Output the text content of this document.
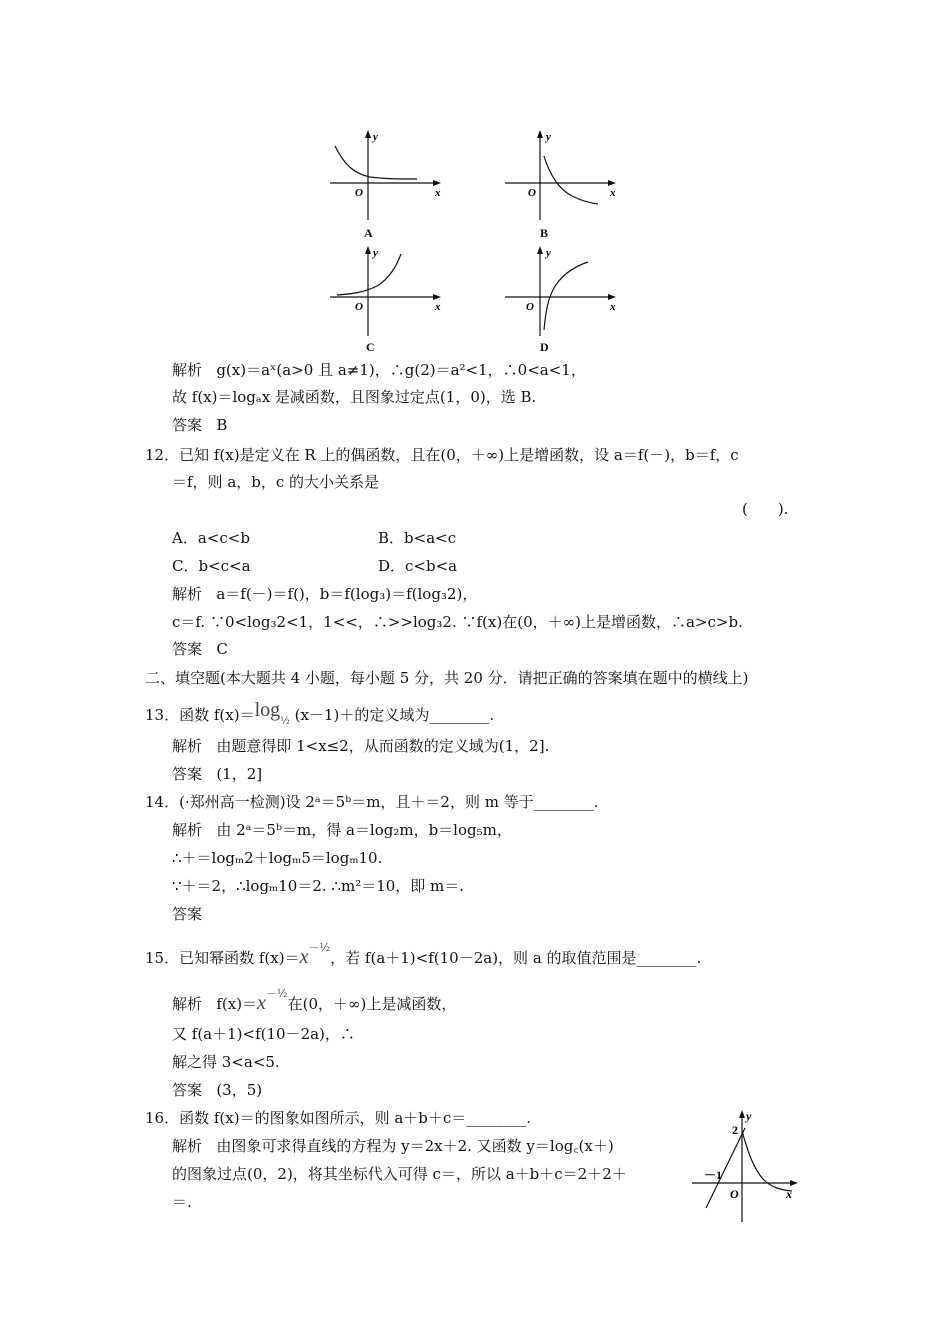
y
x
O
A
y
x
O
B
y
x
O
C
y
x
O
D
解析 g(x)＝aˣ(a>0 且 a≠1)，∴g(2)＝a²<1，∴0<a<1，
故 f(x)＝logₐx 是减函数，且图象过定点(1，0)，选 B.
答案 B
12．已知 f(x)是定义在 R 上的偶函数，且在(0，＋∞)上是增函数，设 a＝f(－)，b＝f，c
＝f，则 a，b，c 的大小关系是
(　　).
A．a<c<b	B．b<a<c
C．b<c<a	D．c<b<a
解析 a＝f(－)＝f()，b＝f(log₃)＝f(log₃2)，
c＝f. ∵0<log₃2<1，1<<，∴>>log₃2. ∵f(x)在(0，＋∞)上是增函数，∴a>c>b.
答案 C
二、填空题(本大题共 4 小题，每小题 5 分，共 20 分．请把正确的答案填在题中的横线上)
13．函数 $f(x)=\log_{\frac{1}{2}}$ (x－1)＋的定义域为________.
解析 由题意得即 1<x≤2，从而函数的定义域为(1，2].
答案 (1，2]
14．(·郑州高一检测)设 2ᵃ＝5ᵇ＝m，且＋＝2，则 m 等于________.
解析 由 2ᵃ＝5ᵇ＝m，得 a＝log₂m，b＝log₅m，
∴＋＝logₘ2＋logₘ5＝logₘ10.
∵＋＝2，∴logₘ10＝2. ∴m²＝10，即 m＝.
答案
15．已知幂函数 $f(x)=x^{-\frac{1}{2}}$，若 f(a＋1)<f(10－2a)，则 a 的取值范围是________.
解析 $f(x)=x^{-\frac{1}{2}}$在(0，＋∞)上是减函数，
又 f(a＋1)<f(10－2a)，∴
解之得 3<a<5.
答案 (3，5)
16．函数 f(x)＝的图象如图所示，则 a＋b＋c＝________.
解析 由图象可求得直线的方程为 y＝2x＋2. 又函数 y＝log꜀(x＋)
的图象过点(0，2)，将其坐标代入可得 c＝，所以 a＋b＋c＝2＋2＋
＝.
y
x
2
－1
O
